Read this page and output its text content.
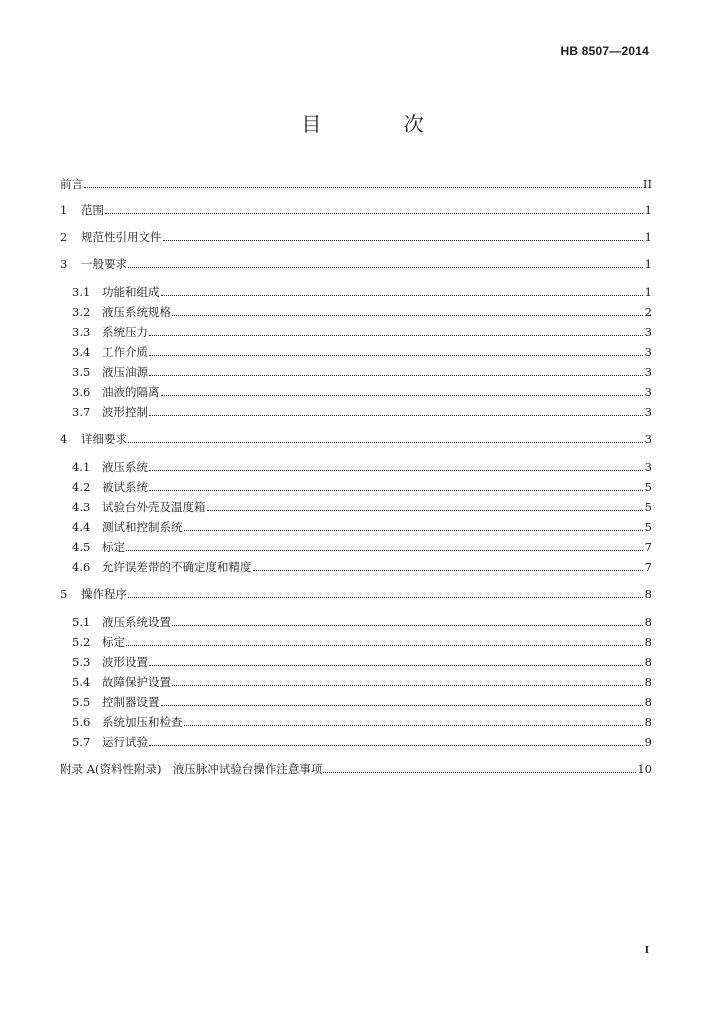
HB 8507—2014
目 次
前言	II
1	范围	1
2	规范性引用文件	1
3	一般要求	1
3.1	功能和组成	1
3.2	液压系统规格	2
3.3	系统压力	3
3.4	工作介质	3
3.5	液压油源	3
3.6	油液的隔离	3
3.7	波形控制	3
4	详细要求	3
4.1	液压系统	3
4.2	被试系统	5
4.3	试验台外壳及温度箱	5
4.4	测试和控制系统	5
4.5	标定	7
4.6	允许误差带的不确定度和精度	7
5	操作程序	8
5.1	液压系统设置	8
5.2	标定	8
5.3	波形设置	8
5.4	故障保护设置	8
5.5	控制器设置	8
5.6	系统加压和检查	8
5.7	运行试验	9
附录 A(资料性附录)　液压脉冲试验台操作注意事项	10
I
